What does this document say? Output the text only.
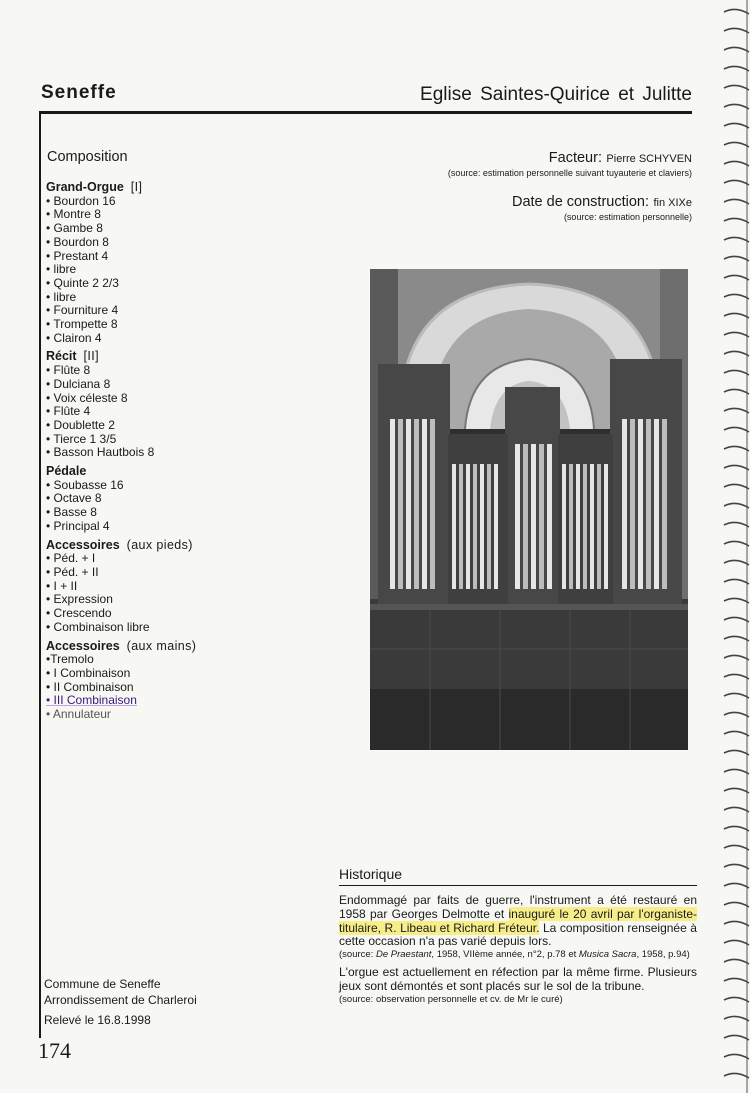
Seneffe	Eglise Saintes-Quirice et Julitte
Composition
Grand-Orgue [I]
• Bourdon 16
• Montre 8
• Gambe 8
• Bourdon 8
• Prestant 4
• libre
• Quinte 2 2/3
• libre
• Fourniture 4
• Trompette 8
• Clairon 4
Récit [II]
• Flûte 8
• Dulciana 8
• Voix céleste 8
• Flûte 4
• Doublette 2
• Tierce 1 3/5
• Basson Hautbois 8
Pédale
• Soubasse 16
• Octave 8
• Basse 8
• Principal 4
Accessoires (aux pieds)
• Péd. + I
• Péd. + II
• I + II
• Expression
• Crescendo
• Combinaison libre
Accessoires (aux mains)
•Tremolo
• I Combinaison
• II Combinaison
• III Combinaison
• Annulateur
Facteur: Pierre SCHYVEN
(source: estimation personnelle suivant tuyauterie et claviers)
Date de construction: fin XIXe
(source: estimation personnelle)
Historique
Endommagé par faits de guerre, l'instrument a été restauré en 1958 par Georges Delmotte et inauguré le 20 avril par l'organiste-titulaire, R. Libeau et Richard Fréteur. La composition renseignée à cette occasion n'a pas varié depuis lors.
(source: De Praestant, 1958, VIIème année, n°2, p.78 et Musica Sacra, 1958, p.94)
L'orgue est actuellement en réfection par la même firme. Plusieurs jeux sont démontés et sont placés sur le sol de la tribune.
(source: observation personnelle et cv. de Mr le curé)
Commune de Seneffe
Arrondissement de Charleroi
Relevé le 16.8.1998
174
